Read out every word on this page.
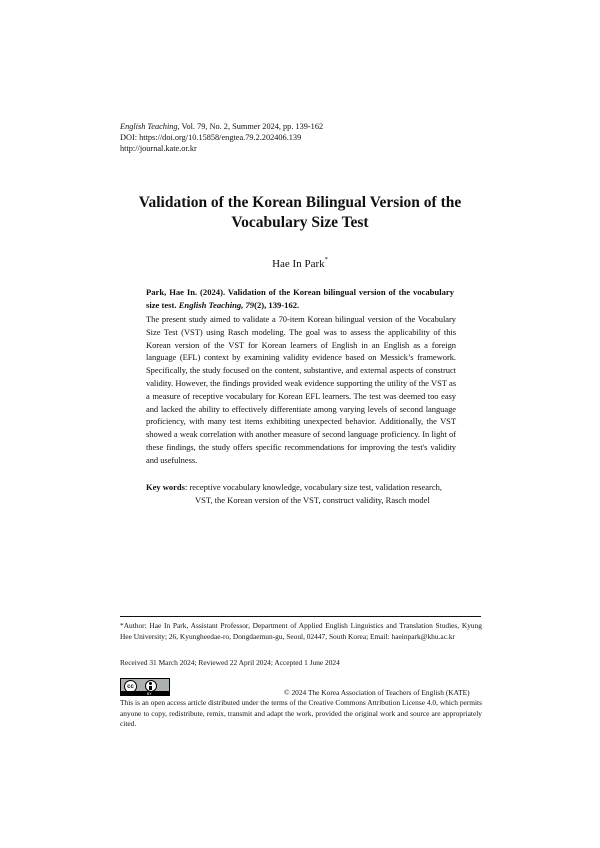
English Teaching, Vol. 79, No. 2, Summer 2024, pp. 139-162
DOI: https://doi.org/10.15858/engtea.79.2.202406.139
http://journal.kate.or.kr
Validation of the Korean Bilingual Version of the
Vocabulary Size Test
Hae In Park*
Park, Hae In. (2024). Validation of the Korean bilingual version of the vocabulary size test. English Teaching, 79(2), 139-162.
The present study aimed to validate a 70-item Korean bilingual version of the Vocabulary Size Test (VST) using Rasch modeling. The goal was to assess the applicability of this Korean version of the VST for Korean learners of English in an English as a foreign language (EFL) context by examining validity evidence based on Messick’s framework. Specifically, the study focused on the content, substantive, and external aspects of construct validity. However, the findings provided weak evidence supporting the utility of the VST as a measure of receptive vocabulary for Korean EFL learners. The test was deemed too easy and lacked the ability to effectively differentiate among varying levels of second language proficiency, with many test items exhibiting unexpected behavior. Additionally, the VST showed a weak correlation with another measure of second language proficiency. In light of these findings, the study offers specific recommendations for improving the test's validity and usefulness.
Key words: receptive vocabulary knowledge, vocabulary size test, validation research,
VST, the Korean version of the VST, construct validity, Rasch model
*Author: Hae In Park, Assistant Professor, Department of Applied English Linguistics and Translation Studies, Kyung Hee University; 26, Kyungheedae-ro, Dongdaemun-gu, Seoul, 02447, South Korea; Email: haeinpark@khu.ac.kr
Received 31 March 2024; Reviewed 22 April 2024; Accepted 1 June 2024
cc
BY	© 2024 The Korea Association of Teachers of English (KATE)
This is an open access article distributed under the terms of the Creative Commons Attribution License 4.0, which permits anyone to copy, redistribute, remix, transmit and adapt the work, provided the original work and source are appropriately cited.
